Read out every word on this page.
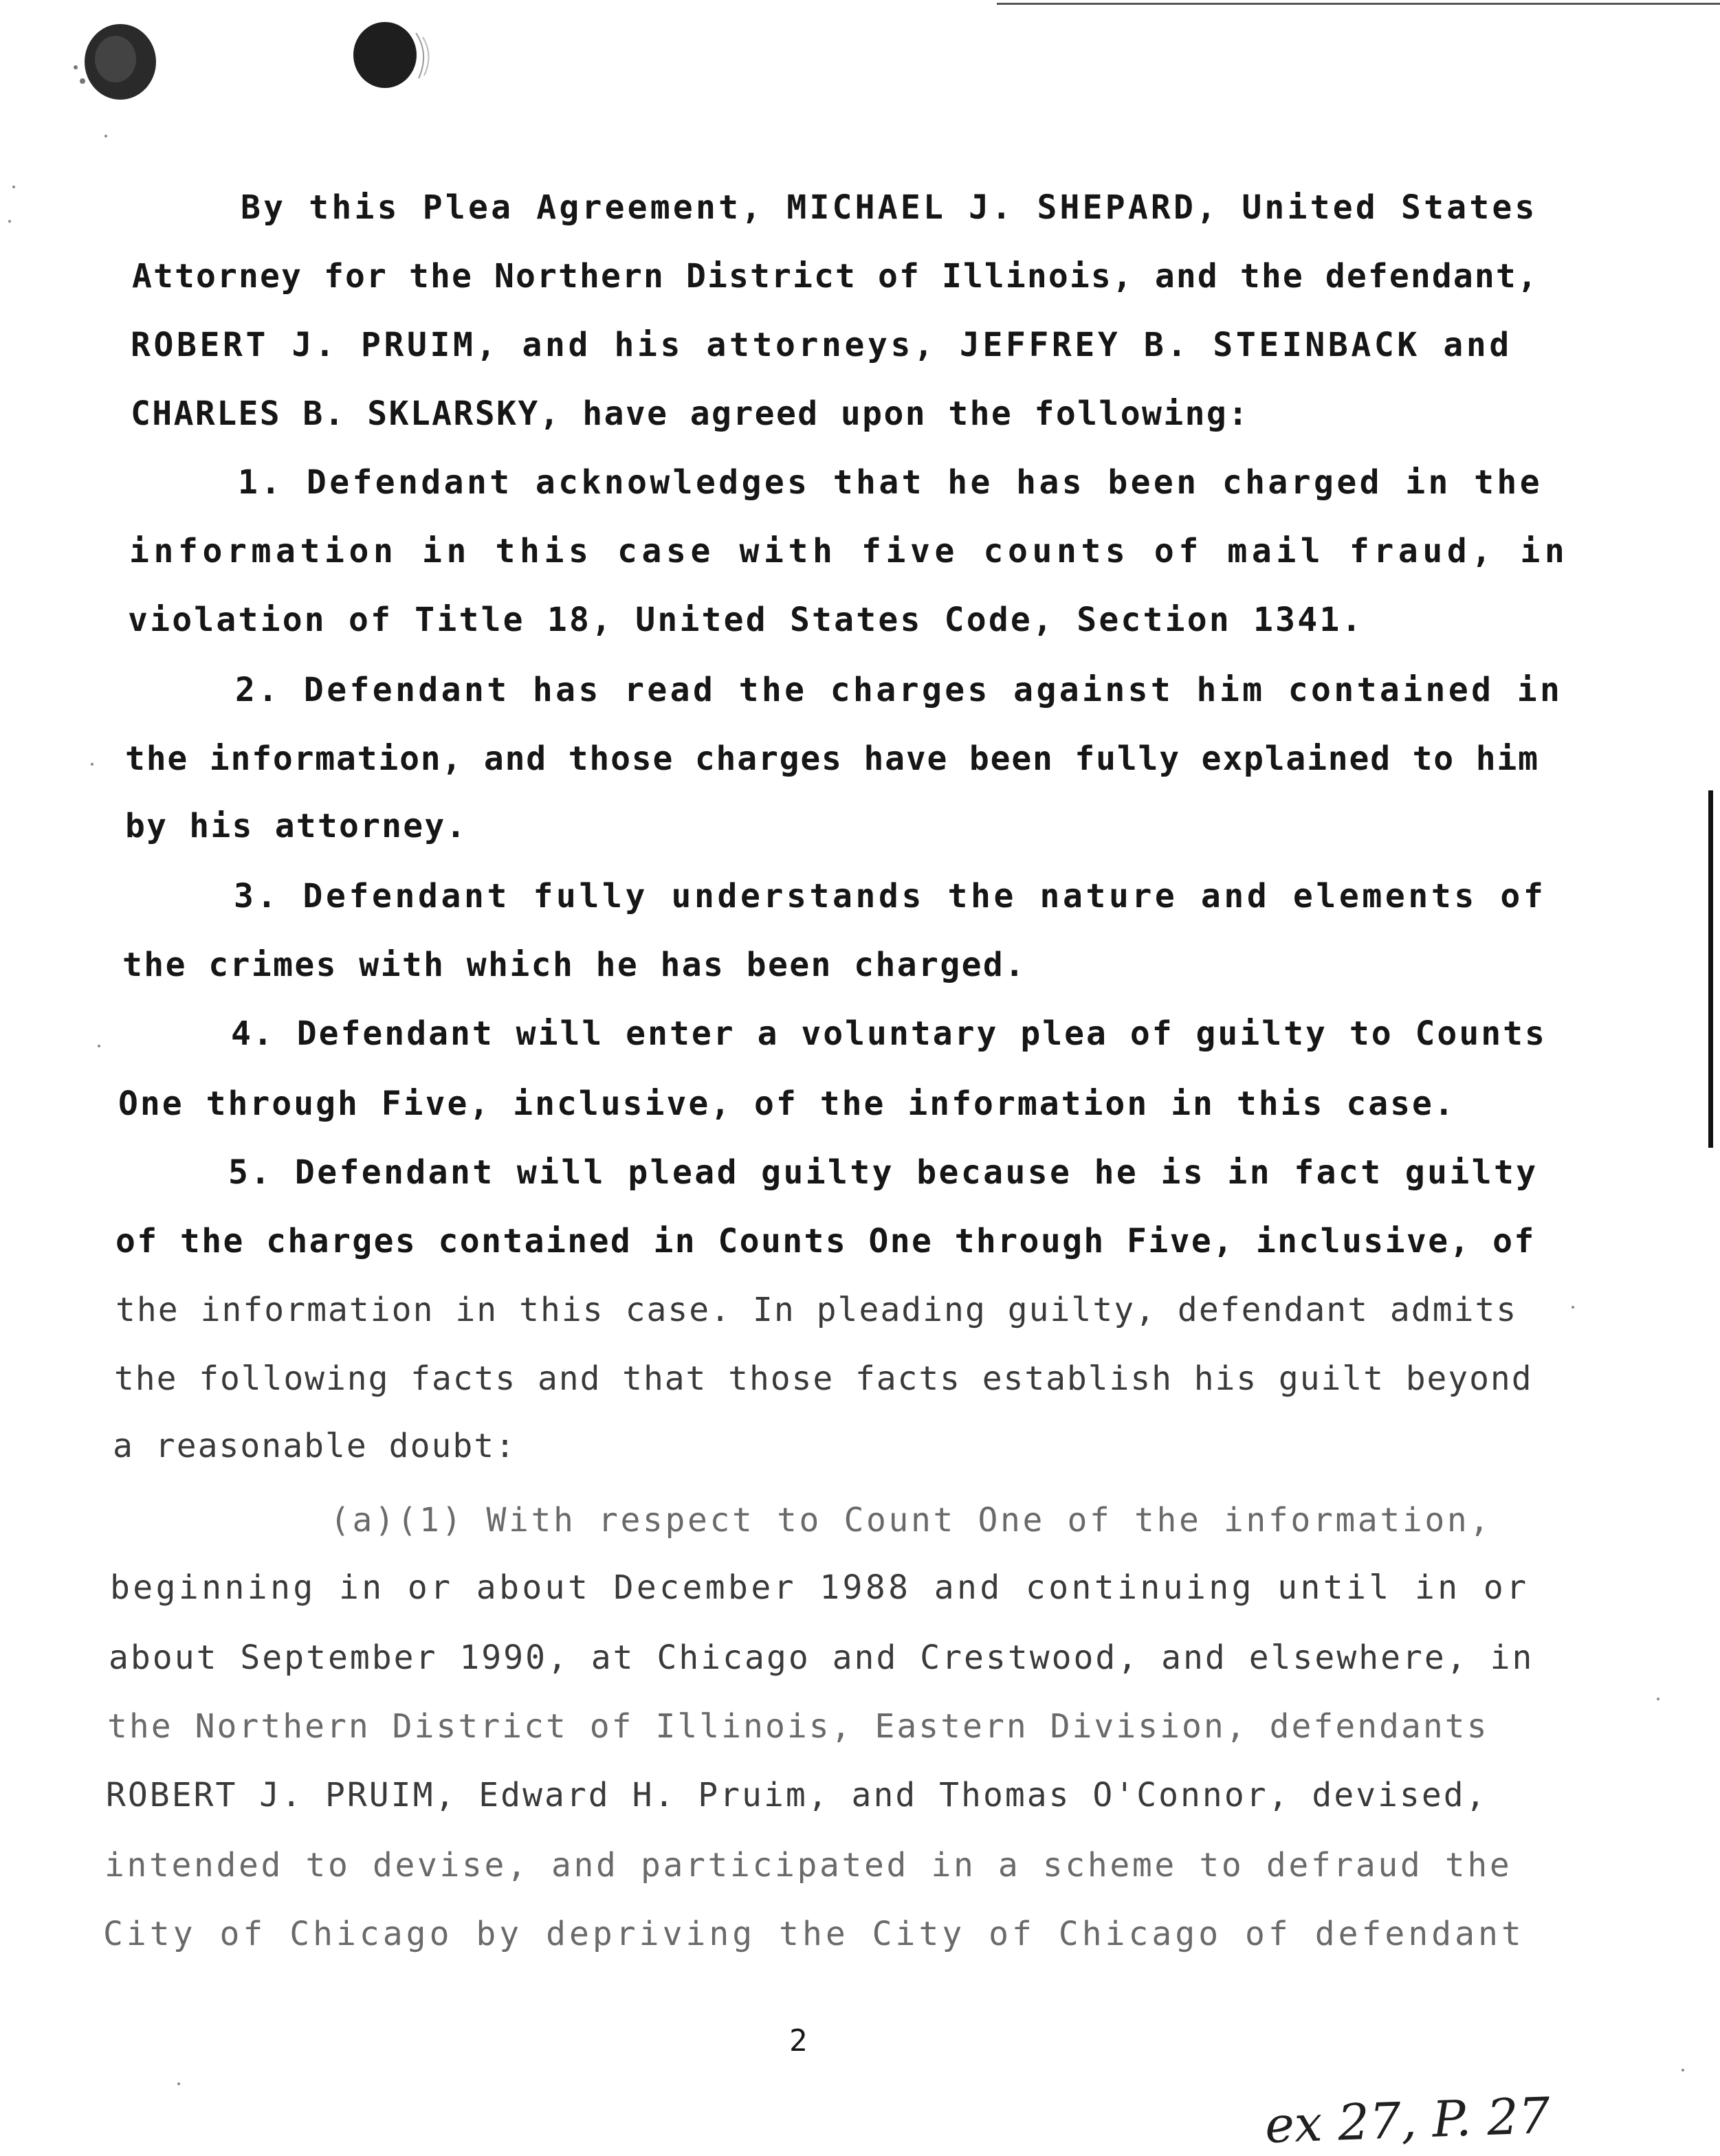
By this Plea Agreement, MICHAEL J. SHEPARD, United States
Attorney for the Northern District of Illinois, and the defendant,
ROBERT J. PRUIM, and his attorneys, JEFFREY B. STEINBACK and
CHARLES B. SKLARSKY, have agreed upon the following:
1. Defendant acknowledges that he has been charged in the
information in this case with five counts of mail fraud, in
violation of Title 18, United States Code, Section 1341.
2. Defendant has read the charges against him contained in
the information, and those charges have been fully explained to him
by his attorney.
3. Defendant fully understands the nature and elements of
the crimes with which he has been charged.
4. Defendant will enter a voluntary plea of guilty to Counts
One through Five, inclusive, of the information in this case.
5. Defendant will plead guilty because he is in fact guilty
of the charges contained in Counts One through Five, inclusive, of
the information in this case. In pleading guilty, defendant admits
the following facts and that those facts establish his guilt beyond
a reasonable doubt:
(a)(1) With respect to Count One of the information,
beginning in or about December 1988 and continuing until in or
about September 1990, at Chicago and Crestwood, and elsewhere, in
the Northern District of Illinois, Eastern Division, defendants
ROBERT J. PRUIM, Edward H. Pruim, and Thomas O'Connor, devised,
intended to devise, and participated in a scheme to defraud the
City of Chicago by depriving the City of Chicago of defendant
2
ex 27, P. 27
